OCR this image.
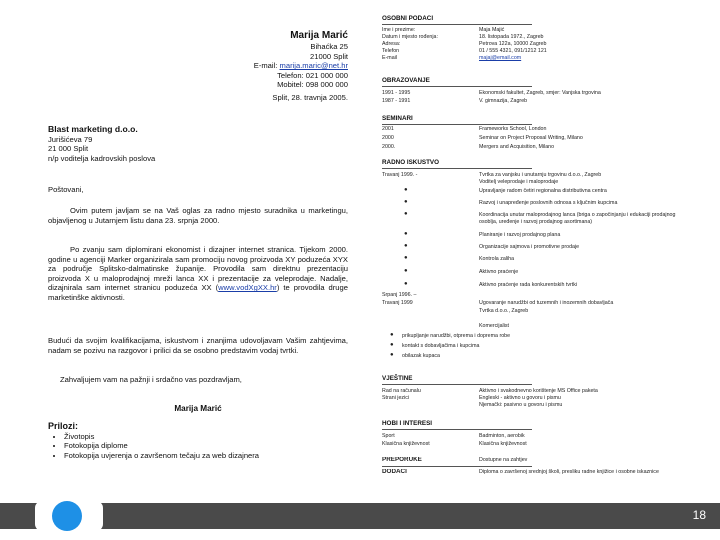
Marija Marić
Bihaćka 25
21000 Split
E-mail: marija.maric@net.hr
Telefon: 021 000 000
Mobitel: 098 000 000
Split, 28. travnja 2005.
Blast marketing d.o.o.
Jurišićeva 79
21 000 Split
n/p voditelja kadrovskih poslova
Poštovani,
Ovim putem javljam se na Vaš oglas za radno mjesto suradnika u marketingu, objavljenog u Jutarnjem listu dana 23. srpnja 2000.
Po zvanju sam diplomirani ekonomist i dizajner internet stranica. Tijekom 2000. godine u agenciji Marker organizirala sam promociju novog proizvoda XY poduzeća XYX za područje Splitsko-dalmatinske županije. Provodila sam direktnu prezentaciju proizvoda X u maloprodajnoj mreži lanca XX i prezentacije za veleprodaje. Nadalje, dizajnirala sam internet stranicu poduzeća XX (www.vodXgXX.hr) te provodila druge marketinške aktivnosti.
Budući da svojim kvalifikacijama, iskustvom i znanjima udovoljavam Vašim zahtjevima, nadam se pozivu na razgovor i prilici da se osobno predstavim vodaj tvrtki.
Zahvaljujem vam na pažnji i srdačno vas pozdravljam,
Marija Marić
Prilozi:
• Životopis
• Fotokopija diplome
• Fotokopija uvjerenja o završenom tečaju za web dizajnera
OSOBNI PODACI
Ime i prezime:	Maja Majić
Datum i mjesto rođenja:	18. listopada 1972., Zagreb
Adresa:	Petrova 122a, 10000 Zagreb
Telefon	01 / 555 4321, 091/1212 121
E-mail	majaj@email.com
OBRAZOVANJE
1991 - 1995	Ekonomski fakultet, Zagreb, smjer: Vanjska trgovina
1987 - 1991	V. gimnazija, Zagreb
SEMINARI
2001	Frameworks School, London
2000	Seminar on Project Proposal Writing, Milano
2000.	Mergers and Acquisition, Milano
RADNO ISKUSTVO
Travanj 1999. -	Tvrtka za vanjsku i unutarnju trgovinu d.o.o., Zagreb
Voditelj veleprodaje i maloprodaje
●	Upravljanje radom četiri regionalna distributivna centra
●	Razvoj i unapređenje poslovnih odnosa s ključnim kupcima
●	Koordinacija unutar maloprodajnog lanca (briga o započinjanju i edukaciji prodajnog osoblja, uređenje i razvoj prodajnog asortimana)
●	Planiranje i razvoj prodajnog plana
●	Organizacije sajmova i promotivne prodaje
●	Kontrola zaliha
●	Aktivno praćenje
●	Aktivno praćenje rada konkurentskih tvrtki
Srpanj 1996. –
Travanj 1999	Ugovaranje narudžbi od tuzemnih i inozemnih dobavljača
Tvrtka d.o.o., Zagreb
Komercijalist
● prikupljanje narudžbi, otprema i dopremа robe
● kontakt s dobavljačima i kupcima
● obilazak kupaca
VJEŠTINE
Rad na računalu	Aktivno i svakodnevno korištenje MS Office paketa
Strani jezici	Engleski - aktivno u govoru i pismu
Njemački: pasivno u govoru i pismu
HOBI I INTERESI
Sport	Badminton, aerobik
Klasična književnost	Klasična književnost
PREPORUKE	Dostupne na zahtjev
DODACI	Diploma o završenoj srednjoj školi, presliku radne knjižice i osobne iskaznice
18
